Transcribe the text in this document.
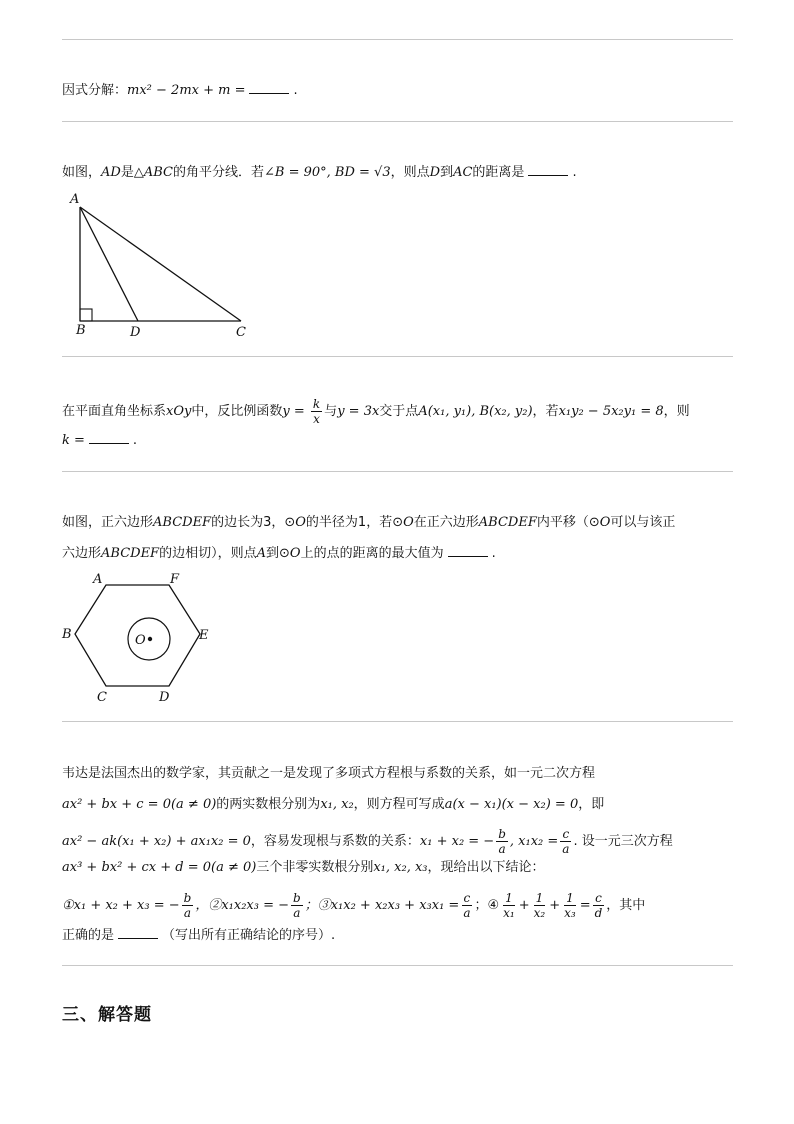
因式分解：mx² − 2mx + m =	.
如图，AD是△ABC的角平分线．若∠B = 90°, BD = √3，则点D到AC的距离是	.
A
B	D	C
在平面直角坐标系xOy中，反比例函数$y = \frac{k}{x}$ 与y = 3x交于点A(x₁, y₁), B(x₂, y₂)，若x₁y₂ − 5x₂y₁ = 8，则
k =	.
如图，正六边形ABCDEF的边长为3，⊙O的半径为1，若⊙O在正六边形ABCDEF内平移（⊙O可以与该正
六边形ABCDEF的边相切），则点A到⊙O上的点的距离的最大值为	.
A	F
B	E
C	D
O
韦达是法国杰出的数学家，其贡献之一是发现了多项式方程根与系数的关系，如一元二次方程
ax² + bx + c = 0(a ≠ 0)的两实数根分别为x₁, x₂，则方程可写成a(x − x₁)(x − x₂) = 0，即
ax² − ak(x₁ + x₂) + ax₁x₂ = 0，容易发现根与系数的关系：x₁ + x₂ = − $\frac{b}{a}$ , $x_1x_2 = \frac{c}{a}$ . 设一元三次方程
ax³ + bx² + cx + d = 0(a ≠ 0)三个非零实数根分别x₁, x₂, x₃，现给出以下结论：
①x₁ + x₂ + x₃ = − $\frac{b}{a}$ ，②x₁x₂x₃ = − $\frac{b}{a}$ ；③x₁x₂ + $x_2x_3 + x_3x_1 = \frac{c}{a}$ ；④ $\frac{1}{\text{x₁}} + \frac{1}{\text{x₂}} + \frac{1}{\text{x₃}} = \frac{c}{d}$ ，其中
正确的是	（写出所有正确结论的序号）.
三、解答题
